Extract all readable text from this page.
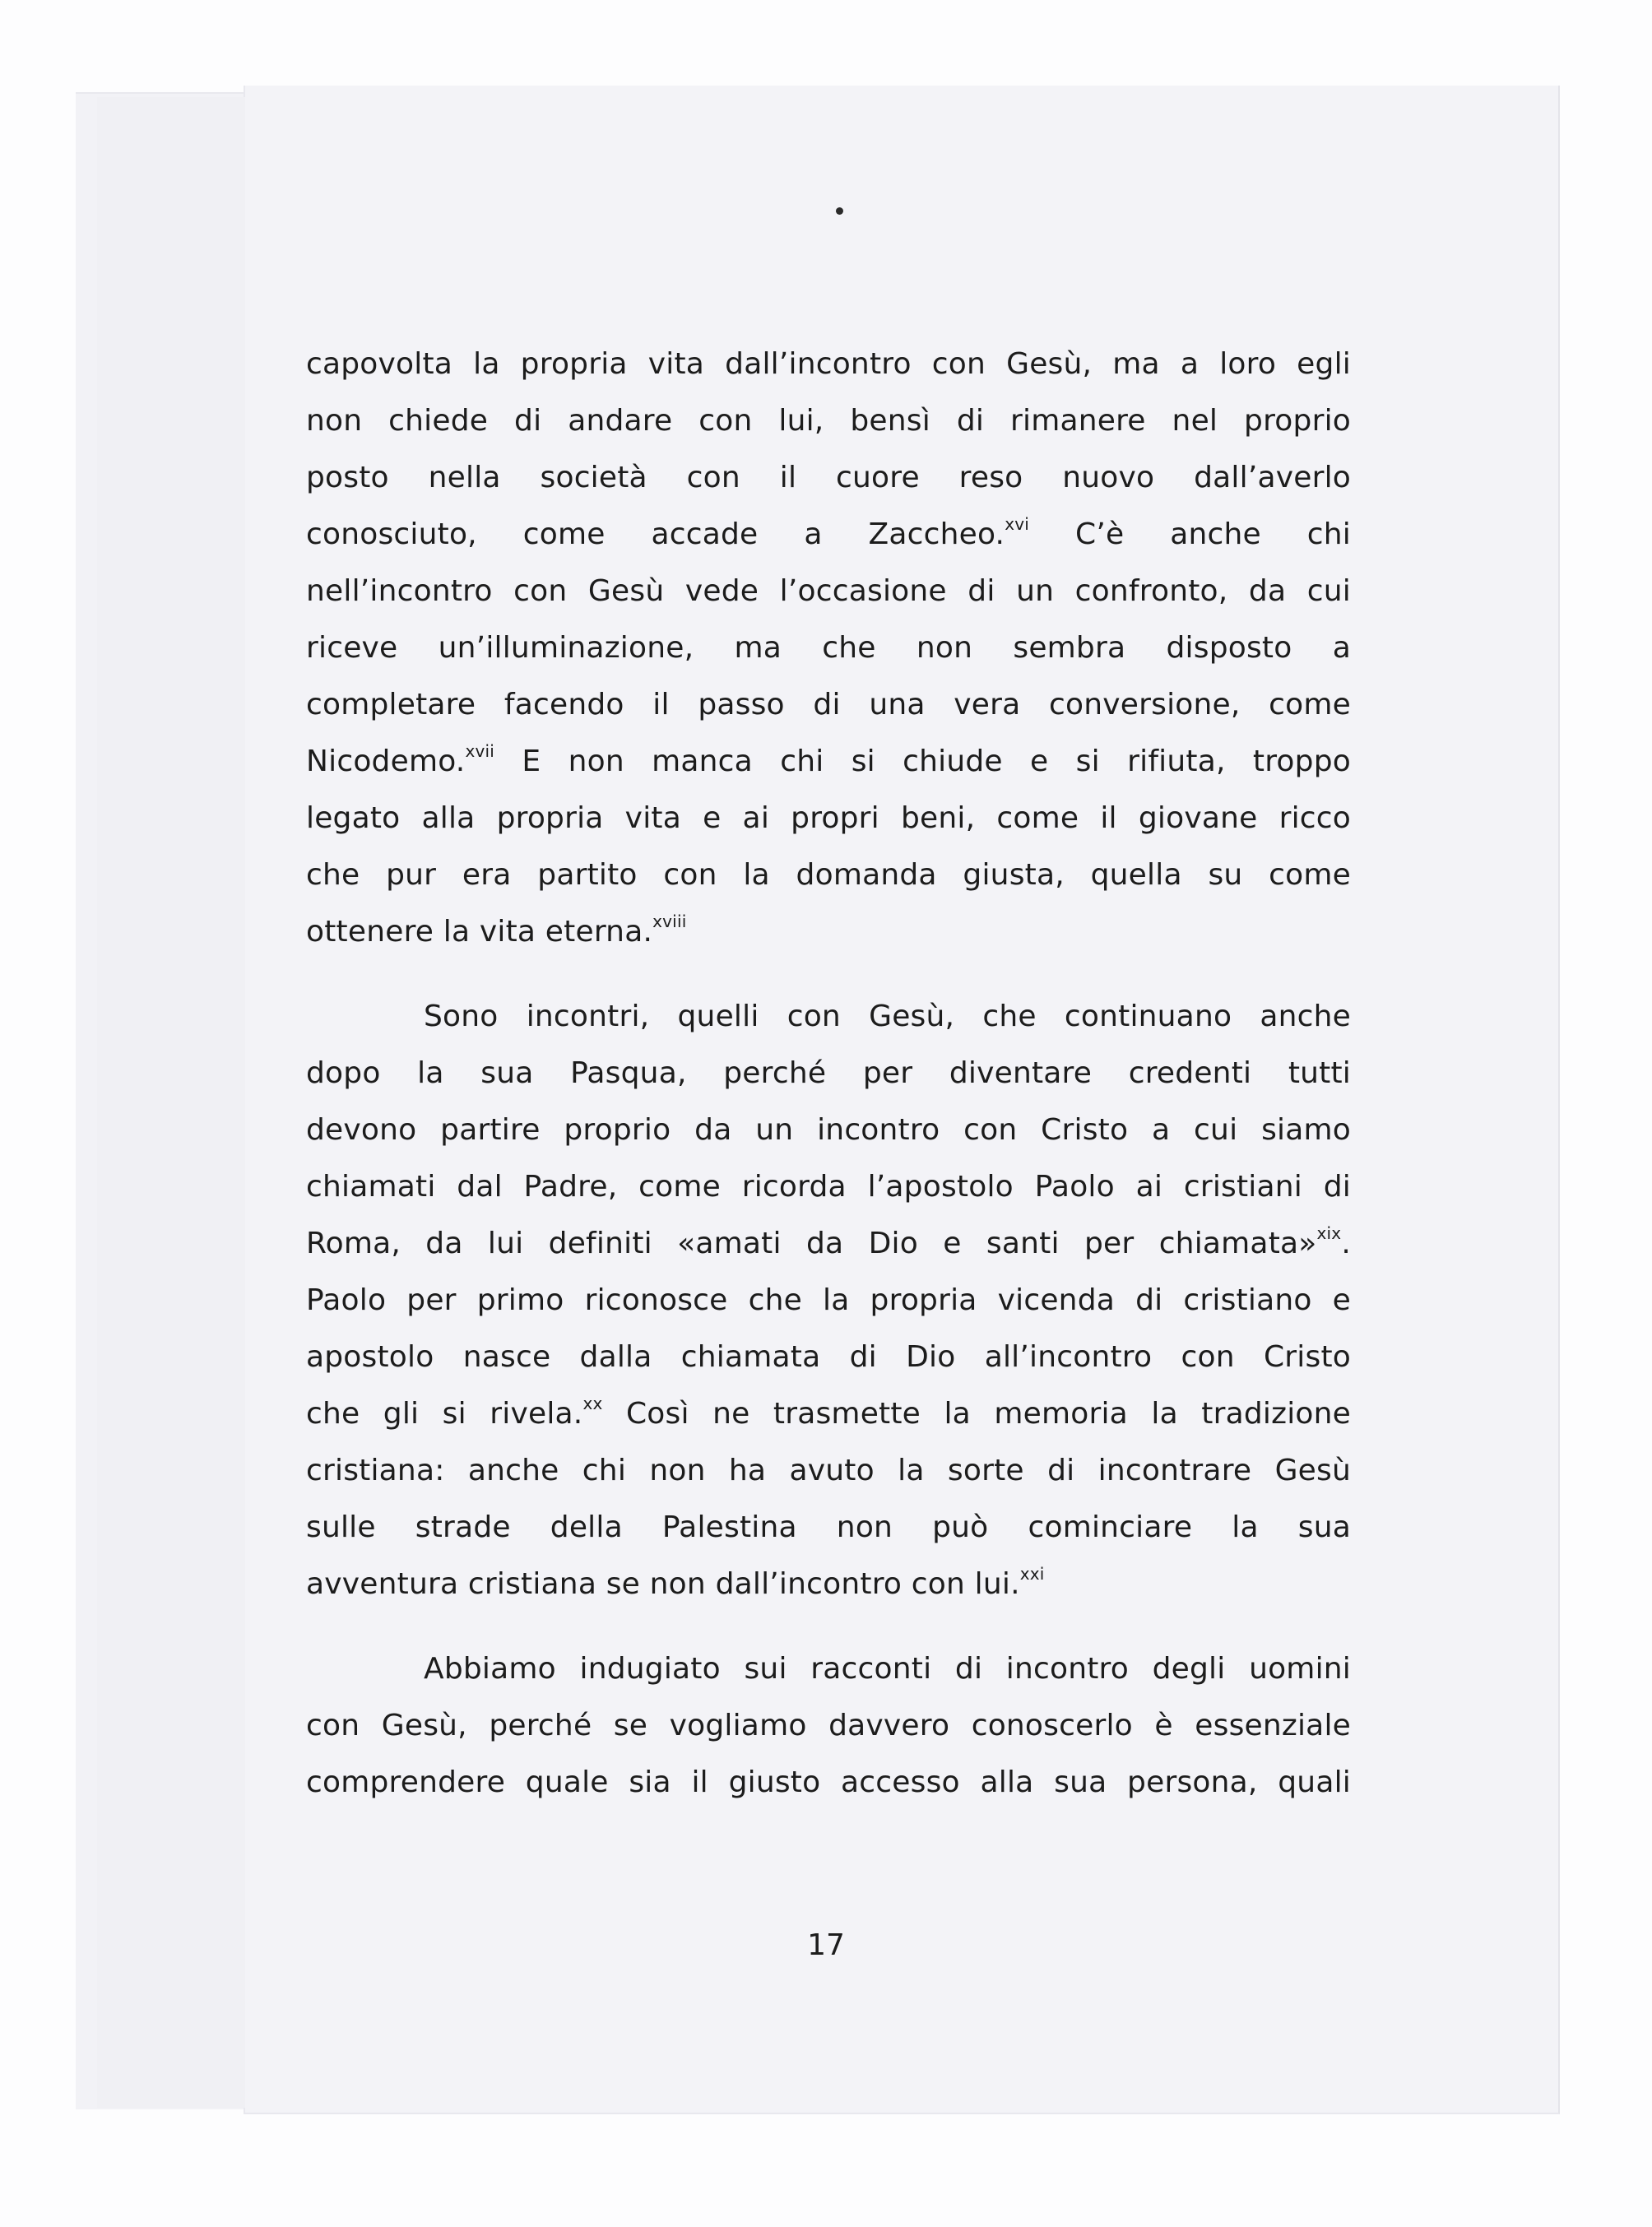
capovolta la propria vita dall’incontro con Gesù, ma a loro egli
non chiede di andare con lui, bensì di rimanere nel proprio
posto nella società con il cuore reso nuovo dall’averlo
conosciuto, come accade a Zaccheo.$^{xvi}$ C’è anche chi
nell’incontro con Gesù vede l’occasione di un confronto, da cui
riceve un’illuminazione, ma che non sembra disposto a
completare facendo il passo di una vera conversione, come
Nicodemo.$^{xvii}$ E non manca chi si chiude e si rifiuta, troppo
legato alla propria vita e ai propri beni, come il giovane ricco
che pur era partito con la domanda giusta, quella su come
ottenere la vita eterna.$^{xviii}$
Sono incontri, quelli con Gesù, che continuano anche
dopo la sua Pasqua, perché per diventare credenti tutti
devono partire proprio da un incontro con Cristo a cui siamo
chiamati dal Padre, come ricorda l’apostolo Paolo ai cristiani di
Roma, da lui definiti «amati da Dio e santi per chiamata»$^{xix}$.
Paolo per primo riconosce che la propria vicenda di cristiano e
apostolo nasce dalla chiamata di Dio all’incontro con Cristo
che gli si rivela.$^{xx}$ Così ne trasmette la memoria la tradizione
cristiana: anche chi non ha avuto la sorte di incontrare Gesù
sulle strade della Palestina non può cominciare la sua
avventura cristiana se non dall’incontro con lui.$^{xxi}$
Abbiamo indugiato sui racconti di incontro degli uomini
con Gesù, perché se vogliamo davvero conoscerlo è essenziale
comprendere quale sia il giusto accesso alla sua persona, quali
17
